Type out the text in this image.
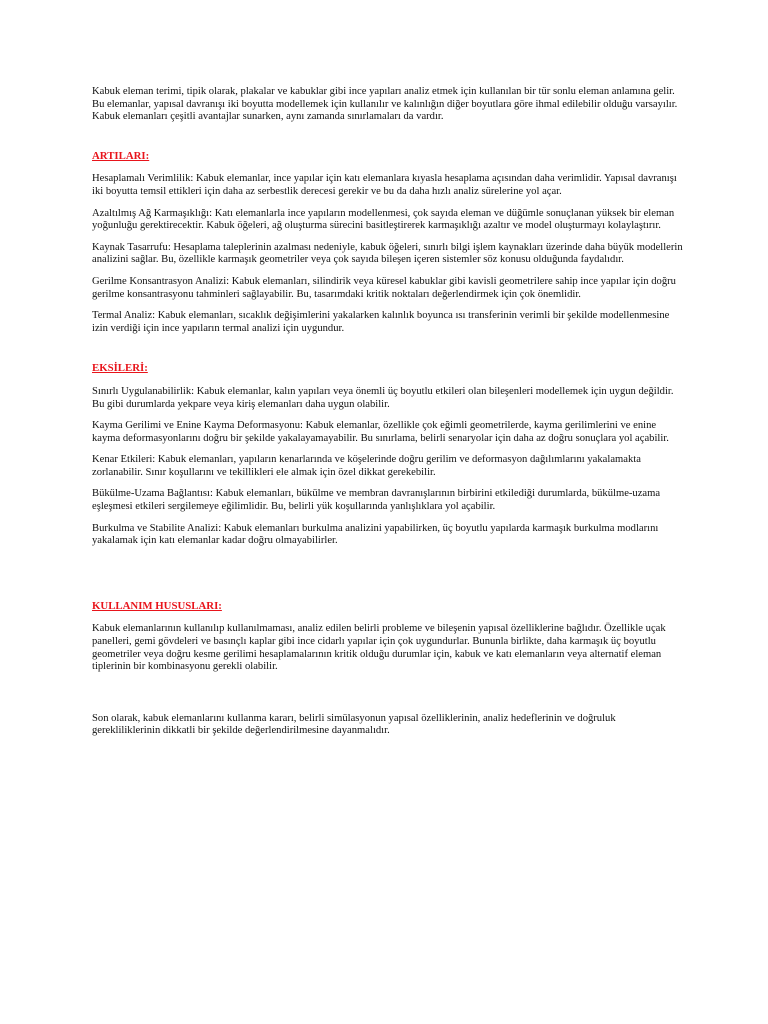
Kabuk eleman terimi, tipik olarak, plakalar ve kabuklar gibi ince yapıları analiz etmek için kullanılan bir tür sonlu eleman anlamına gelir. Bu elemanlar, yapısal davranışı iki boyutta modellemek için kullanılır ve kalınlığın diğer boyutlara göre ihmal edilebilir olduğu varsayılır. Kabuk elemanları çeşitli avantajlar sunarken, aynı zamanda sınırlamaları da vardır.

ARTILARI:

Hesaplamalı Verimlilik: Kabuk elemanlar, ince yapılar için katı elemanlara kıyasla hesaplama açısından daha verimlidir. Yapısal davranışı iki boyutta temsil ettikleri için daha az serbestlik derecesi gerekir ve bu da daha hızlı analiz sürelerine yol açar.

Azaltılmış Ağ Karmaşıklığı: Katı elemanlarla ince yapıların modellenmesi, çok sayıda eleman ve düğümle sonuçlanan yüksek bir eleman yoğunluğu gerektirecektir. Kabuk öğeleri, ağ oluşturma sürecini basitleştirerek karmaşıklığı azaltır ve model oluşturmayı kolaylaştırır.

Kaynak Tasarrufu: Hesaplama taleplerinin azalması nedeniyle, kabuk öğeleri, sınırlı bilgi işlem kaynakları üzerinde daha büyük modellerin analizini sağlar. Bu, özellikle karmaşık geometriler veya çok sayıda bileşen içeren sistemler söz konusu olduğunda faydalıdır.

Gerilme Konsantrasyon Analizi: Kabuk elemanları, silindirik veya küresel kabuklar gibi kavisli geometrilere sahip ince yapılar için doğru gerilme konsantrasyonu tahminleri sağlayabilir. Bu, tasarımdaki kritik noktaları değerlendirmek için çok önemlidir.

Termal Analiz: Kabuk elemanları, sıcaklık değişimlerini yakalarken kalınlık boyunca ısı transferinin verimli bir şekilde modellenmesine izin verdiği için ince yapıların termal analizi için uygundur.

EKSİLERİ:

Sınırlı Uygulanabilirlik: Kabuk elemanlar, kalın yapıları veya önemli üç boyutlu etkileri olan bileşenleri modellemek için uygun değildir. Bu gibi durumlarda yekpare veya kiriş elemanları daha uygun olabilir.

Kayma Gerilimi ve Enine Kayma Deformasyonu: Kabuk elemanlar, özellikle çok eğimli geometrilerde, kayma gerilimlerini ve enine kayma deformasyonlarını doğru bir şekilde yakalayamayabilir. Bu sınırlama, belirli senaryolar için daha az doğru sonuçlara yol açabilir.

Kenar Etkileri: Kabuk elemanları, yapıların kenarlarında ve köşelerinde doğru gerilim ve deformasyon dağılımlarını yakalamakta zorlanabilir. Sınır koşullarını ve tekillikleri ele almak için özel dikkat gerekebilir.

Bükülme-Uzama Bağlantısı: Kabuk elemanları, bükülme ve membran davranışlarının birbirini etkilediği durumlarda, bükülme-uzama eşleşmesi etkileri sergilemeye eğilimlidir. Bu, belirli yük koşullarında yanlışlıklara yol açabilir.

Burkulma ve Stabilite Analizi: Kabuk elemanları burkulma analizini yapabilirken, üç boyutlu yapılarda karmaşık burkulma modlarını yakalamak için katı elemanlar kadar doğru olmayabilirler.

KULLANIM HUSUSLARI:

Kabuk elemanlarının kullanılıp kullanılmaması, analiz edilen belirli probleme ve bileşenin yapısal özelliklerine bağlıdır. Özellikle uçak panelleri, gemi gövdeleri ve basınçlı kaplar gibi ince cidarlı yapılar için çok uygundurlar. Bununla birlikte, daha karmaşık üç boyutlu geometriler veya doğru kesme gerilimi hesaplamalarının kritik olduğu durumlar için, kabuk ve katı elemanların veya alternatif eleman tiplerinin bir kombinasyonu gerekli olabilir.

Son olarak, kabuk elemanlarını kullanma kararı, belirli simülasyonun yapısal özelliklerinin, analiz hedeflerinin ve doğruluk gerekliliklerinin dikkatli bir şekilde değerlendirilmesine dayanmalıdır.
